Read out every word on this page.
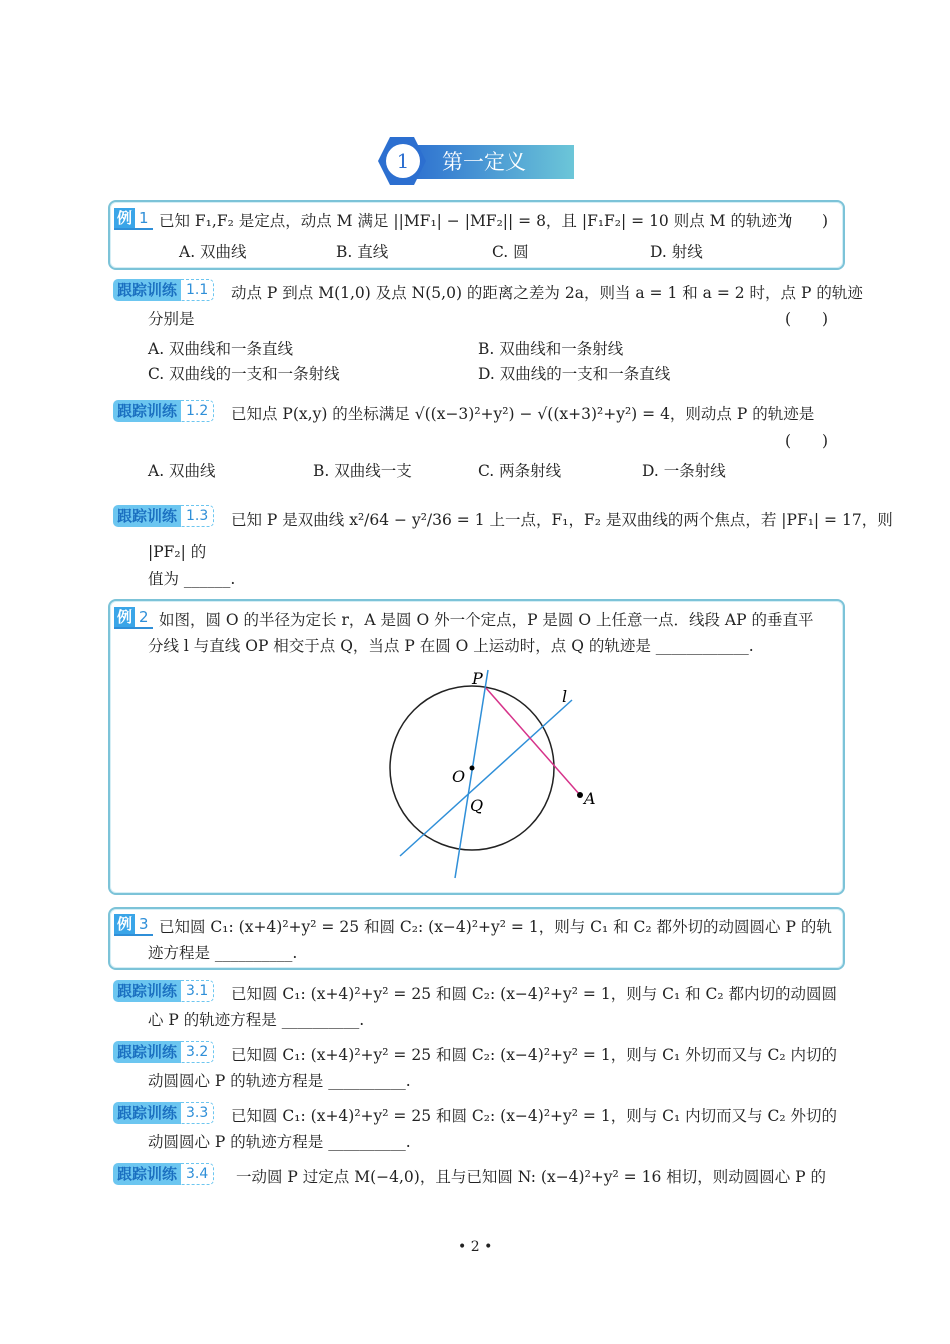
1	第一定义
例 1 已知 F₁,F₂ 是定点，动点 M 满足 ||MF₁| − |MF₂|| = 8，且 |F₁F₂| = 10 则点 M 的轨迹为
(　　)
A. 双曲线	B. 直线	C. 圆	D. 射线
跟踪训练 1.1	动点 P 到点 M(1,0) 及点 N(5,0) 的距离之差为 2a，则当 a = 1 和 a = 2 时，点 P 的轨迹
分别是	(　　)
A. 双曲线和一条直线	B. 双曲线和一条射线
C. 双曲线的一支和一条射线	D. 双曲线的一支和一条直线
跟踪训练 1.2	已知点 P(x,y) 的坐标满足 √((x−3)²+y²) − √((x+3)²+y²) = 4，则动点 P 的轨迹是
(　　)
A. 双曲线	B. 双曲线一支	C. 两条射线	D. 一条射线
跟踪训练 1.3	已知 P 是双曲线 x²/64 − y²/36 = 1 上一点，F₁，F₂ 是双曲线的两个焦点，若 |PF₁| = 17，则
|PF₂| 的
值为 ______.
例 2 如图，圆 O 的半径为定长 r，A 是圆 O 外一个定点，P 是圆 O 上任意一点．线段 AP 的垂直平
分线 l 与直线 OP 相交于点 Q，当点 P 在圆 O 上运动时，点 Q 的轨迹是 ____________.
P
O
Q	A
l
例 3 已知圆 C₁: (x+4)²+y² = 25 和圆 C₂: (x−4)²+y² = 1，则与 C₁ 和 C₂ 都外切的动圆圆心 P 的轨
迹方程是 __________.
跟踪训练 3.1	已知圆 C₁: (x+4)²+y² = 25 和圆 C₂: (x−4)²+y² = 1，则与 C₁ 和 C₂ 都内切的动圆圆
心 P 的轨迹方程是 __________.
跟踪训练 3.2	已知圆 C₁: (x+4)²+y² = 25 和圆 C₂: (x−4)²+y² = 1，则与 C₁ 外切而又与 C₂ 内切的
动圆圆心 P 的轨迹方程是 __________.
跟踪训练 3.3	已知圆 C₁: (x+4)²+y² = 25 和圆 C₂: (x−4)²+y² = 1，则与 C₁ 内切而又与 C₂ 外切的
动圆圆心 P 的轨迹方程是 __________.
跟踪训练 3.4	一动圆 P 过定点 M(−4,0)，且与已知圆 N: (x−4)²+y² = 16 相切，则动圆圆心 P 的
• 2 •
